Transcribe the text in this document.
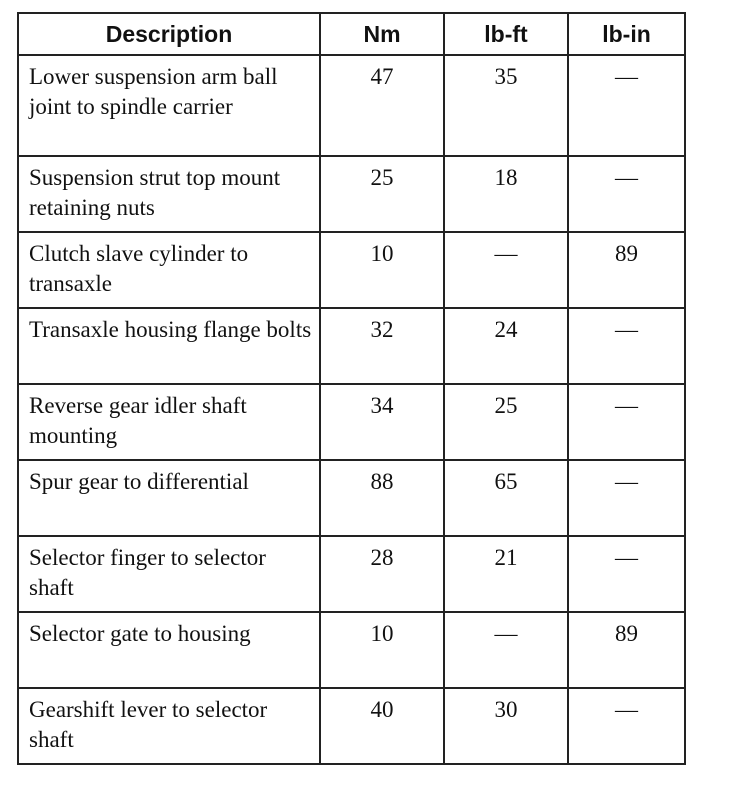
Description	Nm	lb-ft	lb-in
Lower suspension arm ball joint to spindle carrier	47	35	—
Suspension strut top mount retaining nuts	25	18	—
Clutch slave cylinder to transaxle	10	—	89
Transaxle housing flange bolts	32	24	—
Reverse gear idler shaft mounting	34	25	—
Spur gear to differential	88	65	—
Selector finger to selector shaft	28	21	—
Selector gate to housing	10	—	89
Gearshift lever to selector shaft	40	30	—
